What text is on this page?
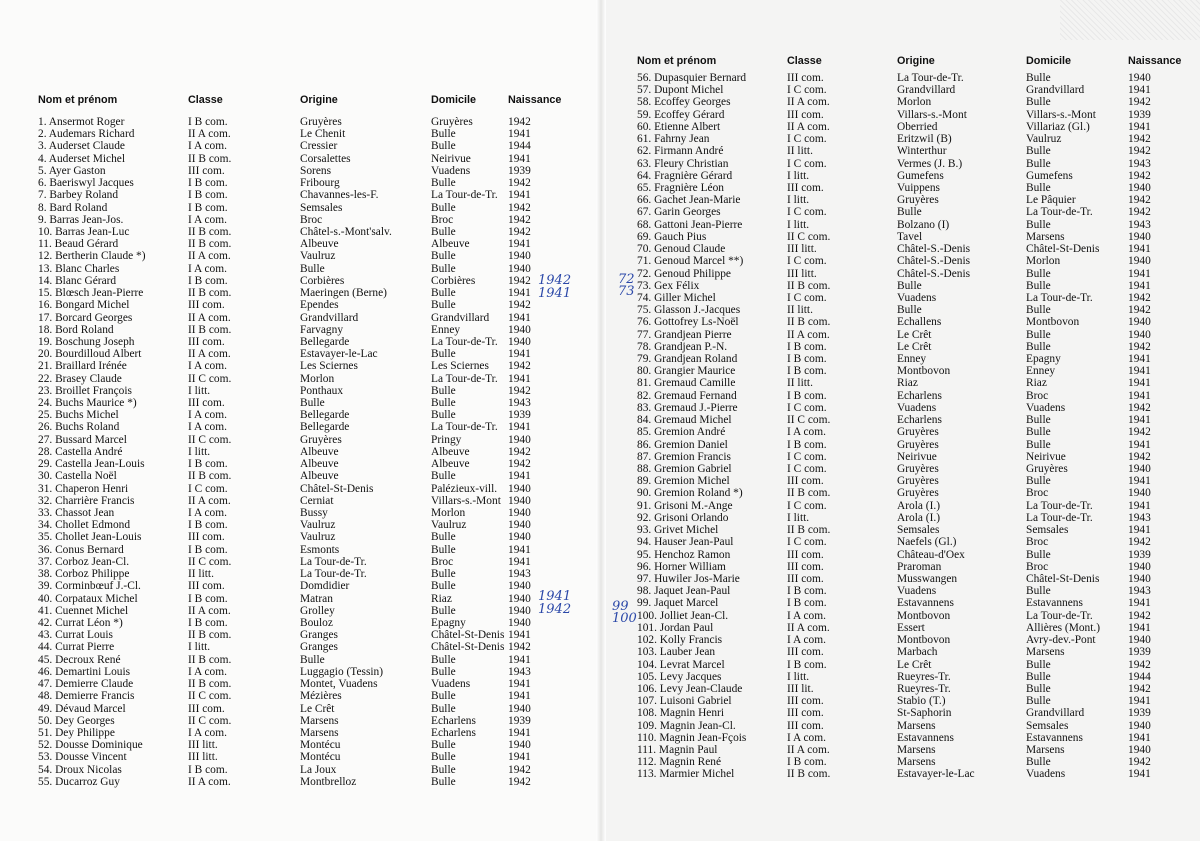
Nom et prénom	Classe	Origine	Domicile	Naissance
1. Ansermot Roger	I B com.	Gruyères	Gruyères	1942
2. Audemars Richard	II A com.	Le Chenit	Bulle	1941
3. Auderset Claude	I A com.	Cressier	Bulle	1944
4. Auderset Michel	II B com.	Corsalettes	Neirivue	1941
5. Ayer Gaston	III com.	Sorens	Vuadens	1939
6. Baeriswyl Jacques	I B com.	Fribourg	Bulle	1942
7. Barbey Roland	I B com.	Chavannes-les-F.	La Tour-de-Tr.	1941
8. Bard Roland	I B com.	Semsales	Bulle	1942
9. Barras Jean-Jos.	I A com.	Broc	Broc	1942
10. Barras Jean-Luc	II B com.	Châtel-s.-Mont'salv.	Bulle	1942
11. Beaud Gérard	II B com.	Albeuve	Albeuve	1941
12. Bertherin Claude *)	II A com.	Vaulruz	Bulle	1940
13. Blanc Charles	I A com.	Bulle	Bulle	1940
14. Blanc Gérard	I B com.	Corbières	Corbières	1942
15. Blœsch Jean-Pierre	II B com.	Maeringen (Berne)	Bulle	1941
16. Bongard Michel	III com.	Ependes	Bulle	1942
17. Borcard Georges	II A com.	Grandvillard	Grandvillard	1941
18. Bord Roland	II B com.	Farvagny	Enney	1940
19. Boschung Joseph	III com.	Bellegarde	La Tour-de-Tr.	1940
20. Bourdilloud Albert	II A com.	Estavayer-le-Lac	Bulle	1941
21. Braillard Irénée	I A com.	Les Sciernes	Les Sciernes	1942
22. Brasey Claude	II C com.	Morlon	La Tour-de-Tr.	1941
23. Broillet François	I litt.	Ponthaux	Bulle	1942
24. Buchs Maurice *)	III com.	Bulle	Bulle	1943
25. Buchs Michel	I A com.	Bellegarde	Bulle	1939
26. Buchs Roland	I A com.	Bellegarde	La Tour-de-Tr.	1941
27. Bussard Marcel	II C com.	Gruyères	Pringy	1940
28. Castella André	I litt.	Albeuve	Albeuve	1942
29. Castella Jean-Louis	I B com.	Albeuve	Albeuve	1942
30. Castella Noël	II B com.	Albeuve	Bulle	1941
31. Chaperon Henri	I C com.	Châtel-St-Denis	Palézieux-vill.	1940
32. Charrière Francis	II A com.	Cerniat	Villars-s.-Mont	1940
33. Chassot Jean	I A com.	Bussy	Morlon	1940
34. Chollet Edmond	I B com.	Vaulruz	Vaulruz	1940
35. Chollet Jean-Louis	III com.	Vaulruz	Bulle	1940
36. Conus Bernard	I B com.	Esmonts	Bulle	1941
37. Corboz Jean-Cl.	II C com.	La Tour-de-Tr.	Broc	1941
38. Corboz Philippe	II litt.	La Tour-de-Tr.	Bulle	1943
39. Corminbœuf J.-Cl.	III com.	Domdidier	Bulle	1940
40. Corpataux Michel	I B com.	Matran	Riaz	1940
41. Cuennet Michel	II A com.	Grolley	Bulle	1940
42. Currat Léon *)	I B com.	Bouloz	Epagny	1940
43. Currat Louis	II B com.	Granges	Châtel-St-Denis	1941
44. Currat Pierre	I litt.	Granges	Châtel-St-Denis	1942
45. Decroux René	II B com.	Bulle	Bulle	1941
46. Demartini Louis	I A com.	Luggagio (Tessin)	Bulle	1943
47. Demierre Claude	II B com.	Montet, Vuadens	Vuadens	1941
48. Demierre Francis	II C com.	Mézières	Bulle	1941
49. Dévaud Marcel	III com.	Le Crêt	Bulle	1940
50. Dey Georges	II C com.	Marsens	Echarlens	1939
51. Dey Philippe	I A com.	Marsens	Echarlens	1941
52. Dousse Dominique	III litt.	Montécu	Bulle	1940
53. Dousse Vincent	III litt.	Montécu	Bulle	1941
54. Droux Nicolas	I B com.	La Joux	Bulle	1942
55. Ducarroz Guy	II A com.	Montbrelloz	Bulle	1942
Nom et prénom	Classe	Origine	Domicile	Naissance
56. Dupasquier Bernard	III com.	La Tour-de-Tr.	Bulle	1940
57. Dupont Michel	I C com.	Grandvillard	Grandvillard	1941
58. Ecoffey Georges	II A com.	Morlon	Bulle	1942
59. Ecoffey Gérard	III com.	Villars-s.-Mont	Villars-s.-Mont	1939
60. Etienne Albert	II A com.	Oberried	Villariaz (Gl.)	1941
61. Fahrny Jean	I C com.	Eritzwil (B)	Vaulruz	1942
62. Firmann André	II litt.	Winterthur	Bulle	1942
63. Fleury Christian	I C com.	Vermes (J. B.)	Bulle	1943
64. Fragnière Gérard	I litt.	Gumefens	Gumefens	1942
65. Fragnière Léon	III com.	Vuippens	Bulle	1940
66. Gachet Jean-Marie	I litt.	Gruyères	Le Pâquier	1942
67. Garin Georges	I C com.	Bulle	La Tour-de-Tr.	1942
68. Gattoni Jean-Pierre	I litt.	Bolzano (I)	Bulle	1943
69. Gauch Pius	II C com.	Tavel	Marsens	1940
70. Genoud Claude	III litt.	Châtel-S.-Denis	Châtel-St-Denis	1941
71. Genoud Marcel **)	I C com.	Châtel-S.-Denis	Morlon	1940
72. Genoud Philippe	III litt.	Châtel-S.-Denis	Bulle	1941
73. Gex Félix	II B com.	Bulle	Bulle	1941
74. Giller Michel	I C com.	Vuadens	La Tour-de-Tr.	1942
75. Glasson J.-Jacques	II litt.	Bulle	Bulle	1942
76. Gottofrey Ls-Noël	II B com.	Echallens	Montbovon	1940
77. Grandjean Pierre	II A com.	Le Crêt	Bulle	1940
78. Grandjean P.-N.	I B com.	Le Crêt	Bulle	1942
79. Grandjean Roland	I B com.	Enney	Epagny	1941
80. Grangier Maurice	I B com.	Montbovon	Enney	1941
81. Gremaud Camille	II litt.	Riaz	Riaz	1941
82. Gremaud Fernand	I B com.	Echarlens	Broc	1941
83. Gremaud J.-Pierre	I C com.	Vuadens	Vuadens	1942
84. Gremaud Michel	II C com.	Echarlens	Bulle	1941
85. Gremion André	I A com.	Gruyères	Bulle	1942
86. Gremion Daniel	I B com.	Gruyères	Bulle	1941
87. Gremion Francis	I C com.	Neirivue	Neirivue	1942
88. Gremion Gabriel	I C com.	Gruyères	Gruyères	1940
89. Gremion Michel	III com.	Gruyères	Bulle	1941
90. Gremion Roland *)	II B com.	Gruyères	Broc	1940
91. Grisoni M.-Ange	I C com.	Arola (I.)	La Tour-de-Tr.	1941
92. Grisoni Orlando	I litt.	Arola (I.)	La Tour-de-Tr.	1943
93. Grivet Michel	II B com.	Semsales	Semsales	1941
94. Hauser Jean-Paul	I C com.	Naefels (Gl.)	Broc	1942
95. Henchoz Ramon	III com.	Château-d'Oex	Bulle	1939
96. Horner William	III com.	Praroman	Broc	1940
97. Huwiler Jos-Marie	III com.	Musswangen	Châtel-St-Denis	1940
98. Jaquet Jean-Paul	I B com.	Vuadens	Bulle	1943
99. Jaquet Marcel	I B com.	Estavannens	Estavannens	1941
100. Jolliet Jean-Cl.	I A com.	Montbovon	La Tour-de-Tr.	1942
101. Jordan Paul	II A com.	Essert	Allières (Mont.)	1941
102. Kolly Francis	I A com.	Montbovon	Avry-dev.-Pont	1940
103. Lauber Jean	III com.	Marbach	Marsens	1939
104. Levrat Marcel	I B com.	Le Crêt	Bulle	1942
105. Levy Jacques	I litt.	Rueyres-Tr.	Bulle	1944
106. Levy Jean-Claude	III lit.	Rueyres-Tr.	Bulle	1942
107. Luisoni Gabriel	III com.	Stabio (T.)	Bulle	1941
108. Magnin Henri	III com.	St-Saphorin	Grandvillard	1939
109. Magnin Jean-Cl.	III com.	Marsens	Semsales	1940
110. Magnin Jean-Fçois	I A com.	Estavannens	Estavannens	1941
111. Magnin Paul	II A com.	Marsens	Marsens	1940
112. Magnin René	I B com.	Marsens	Bulle	1942
113. Marmier Michel	II B com.	Estavayer-le-Lac	Vuadens	1941
1942
1941
72
73
1941
1942	99
100
